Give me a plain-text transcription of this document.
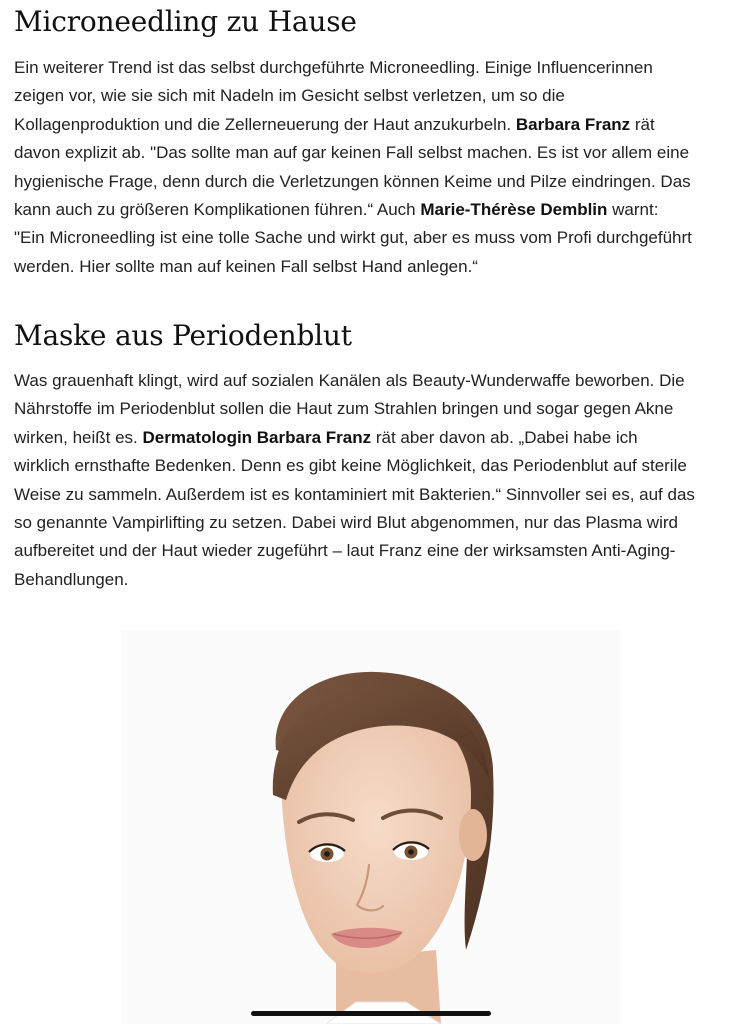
Microneedling zu Hause
Ein weiterer Trend ist das selbst durchgeführte Microneedling. Einige Influencerinnen
zeigen vor, wie sie sich mit Nadeln im Gesicht selbst verletzen, um so die
Kollagenproduktion und die Zellerneuerung der Haut anzukurbeln. Barbara Franz rät
davon explizit ab. "Das sollte man auf gar keinen Fall selbst machen. Es ist vor allem eine
hygienische Frage, denn durch die Verletzungen können Keime und Pilze eindringen. Das
kann auch zu größeren Komplikationen führen.“ Auch Marie-Thérèse Demblin warnt:
"Ein Microneedling ist eine tolle Sache und wirkt gut, aber es muss vom Profi durchgeführt
werden. Hier sollte man auf keinen Fall selbst Hand anlegen.“
Maske aus Periodenblut
Was grauenhaft klingt, wird auf sozialen Kanälen als Beauty-Wunderwaffe beworben. Die
Nährstoffe im Periodenblut sollen die Haut zum Strahlen bringen und sogar gegen Akne
wirken, heißt es. Dermatologin Barbara Franz rät aber davon ab. „Dabei habe ich
wirklich ernsthafte Bedenken. Denn es gibt keine Möglichkeit, das Periodenblut auf sterile
Weise zu sammeln. Außerdem ist es kontaminiert mit Bakterien.“ Sinnvoller sei es, auf das
so genannte Vampirlifting zu setzen. Dabei wird Blut abgenommen, nur das Plasma wird
aufbereitet und der Haut wieder zugeführt – laut Franz eine der wirksamsten Anti-Aging-
Behandlungen.
